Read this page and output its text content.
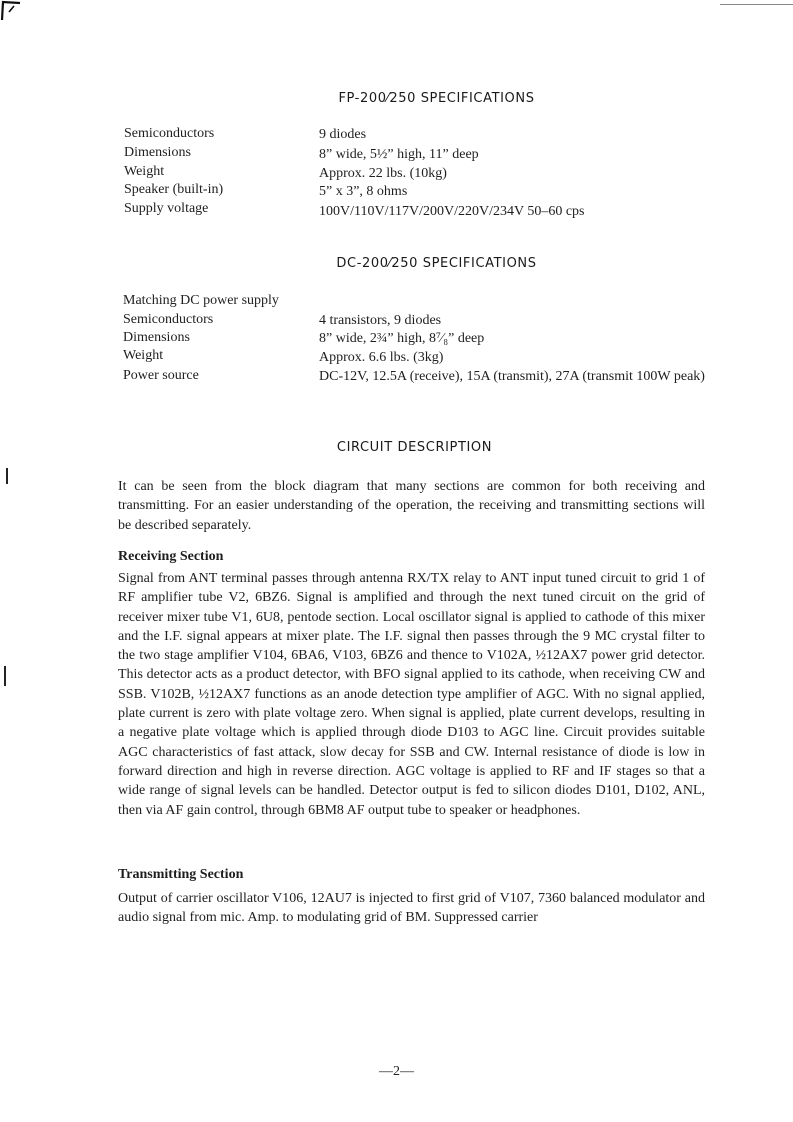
FP-200⁄250 SPECIFICATIONS
Semiconductors	9 diodes
Dimensions	8” wide, 5½” high, 11” deep
Weight	Approx. 22 lbs. (10kg)
Speaker (built-in)	5” x 3”, 8 ohms
Supply voltage	100V/110V/117V/200V/220V/234V 50–60 cps
DC-200⁄250 SPECIFICATIONS
Matching DC power supply
Semiconductors	4 transistors, 9 diodes
Dimensions	8” wide, 2¾” high, 8⁷⁄₈” deep
Weight	Approx. 6.6 lbs. (3kg)
Power source	DC-12V, 12.5A (receive), 15A (transmit), 27A (transmit 100W peak)
CIRCUIT DESCRIPTION
It can be seen from the block diagram that many sections are common for both receiving and transmitting. For an easier understanding of the operation, the receiving and transmitting sections will be described separately.
Receiving Section
Signal from ANT terminal passes through antenna RX/TX relay to ANT input tuned circuit to grid 1 of RF amplifier tube V2, 6BZ6. Signal is amplified and through the next tuned circuit on the grid of receiver mixer tube V1, 6U8, pentode section. Local oscillator signal is applied to cathode of this mixer and the I.F. signal appears at mixer plate. The I.F. signal then passes through the 9 MC crystal filter to the two stage amplifier V104, 6BA6, V103, 6BZ6 and thence to V102A, ½12AX7 power grid detector. This detector acts as a product detector, with BFO signal applied to its cathode, when receiving CW and SSB. V102B, ½12AX7 functions as an anode detection type amplifier of AGC. With no signal applied, plate current is zero with plate voltage zero. When signal is applied, plate current develops, resulting in a negative plate voltage which is applied through diode D103 to AGC line. Circuit provides suitable AGC characteristics of fast attack, slow decay for SSB and CW. Internal resistance of diode is low in forward direction and high in reverse direction. AGC voltage is applied to RF and IF stages so that a wide range of signal levels can be handled. Detector output is fed to silicon diodes D101, D102, ANL, then via AF gain control, through 6BM8 AF output tube to speaker or headphones.
Transmitting Section
Output of carrier oscillator V106, 12AU7 is injected to first grid of V107, 7360 balanced modulator and audio signal from mic. Amp. to modulating grid of BM. Suppressed carrier
—2—
